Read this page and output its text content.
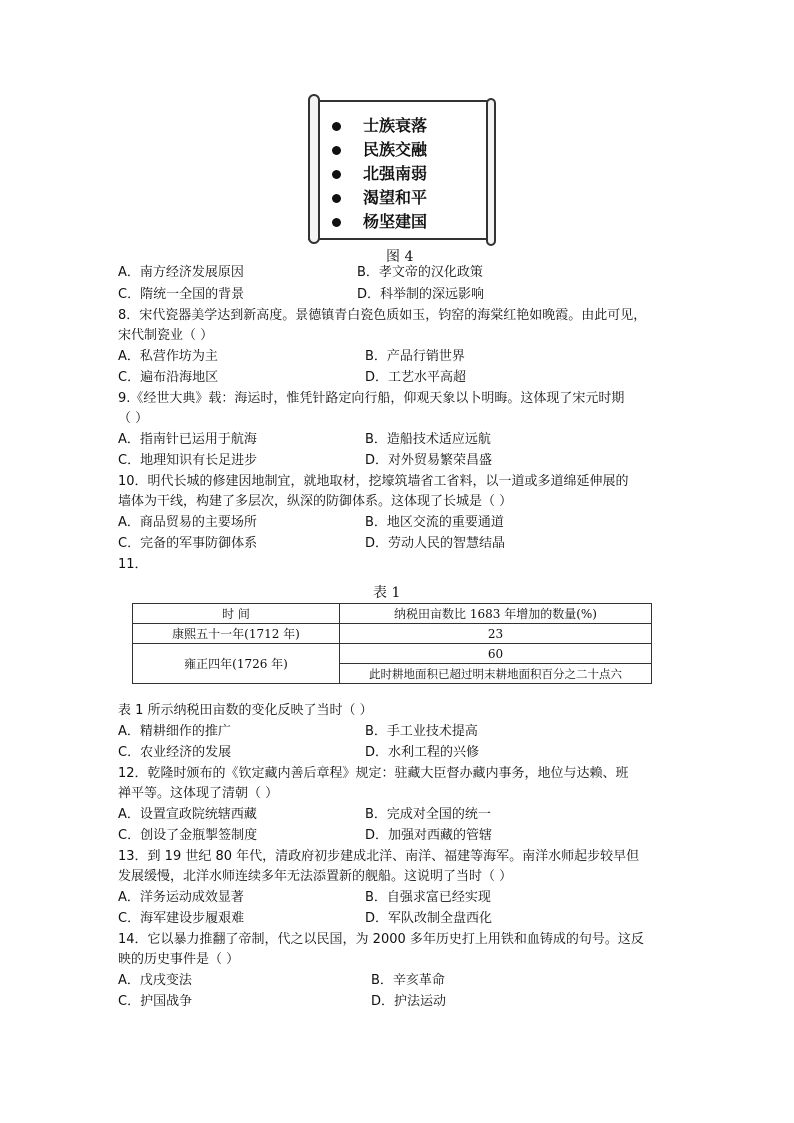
士族衰落
民族交融
北强南弱
渴望和平
杨坚建国
图 4
A．南方经济发展原因	B．孝文帝的汉化政策
C．隋统一全国的背景	D．科举制的深远影响
8．宋代瓷器美学达到新高度。景德镇青白瓷色质如玉，钧窑的海棠红艳如晚霞。由此可见，
宋代制瓷业（ ）
A．私营作坊为主	B．产品行销世界
C．遍布沿海地区	D．工艺水平高超
9.《经世大典》载：海运时，惟凭针路定向行船，仰观天象以卜明晦。这体现了宋元时期
（ ）
A．指南针已运用于航海	B．造船技术适应远航
C．地理知识有长足进步	D．对外贸易繁荣昌盛
10．明代长城的修建因地制宜，就地取材，挖壕筑墙省工省料，以一道或多道绵延伸展的
墙体为干线，构建了多层次，纵深的防御体系。这体现了长城是（ ）
A．商品贸易的主要场所	B．地区交流的重要通道
C．完备的军事防御体系	D．劳动人民的智慧结晶
11．
表 1
时 间	纳税田亩数比 1683 年增加的数量(%)
康熙五十一年(1712 年)	23
雍正四年(1726 年)	60
	此时耕地面积已超过明末耕地面积百分之二十点六
表 1 所示纳税田亩数的变化反映了当时（ ）
A．精耕细作的推广	B．手工业技术提高
C．农业经济的发展	D．水利工程的兴修
12．乾隆时颁布的《钦定藏内善后章程》规定：驻藏大臣督办藏内事务，地位与达赖、班
禅平等。这体现了清朝（ ）
A．设置宣政院统辖西藏	B．完成对全国的统一
C．创设了金瓶掣签制度	D．加强对西藏的管辖
13．到 19 世纪 80 年代，清政府初步建成北洋、南洋、福建等海军。南洋水师起步较早但
发展缓慢，北洋水师连续多年无法添置新的舰船。这说明了当时（ ）
A．洋务运动成效显著	B．自强求富已经实现
C．海军建设步履艰难	D．军队改制全盘西化
14．它以暴力推翻了帝制，代之以民国，为 2000 多年历史打上用铁和血铸成的句号。这反
映的历史事件是（ ）
A．戊戌变法	B．辛亥革命
C．护国战争	D．护法运动
